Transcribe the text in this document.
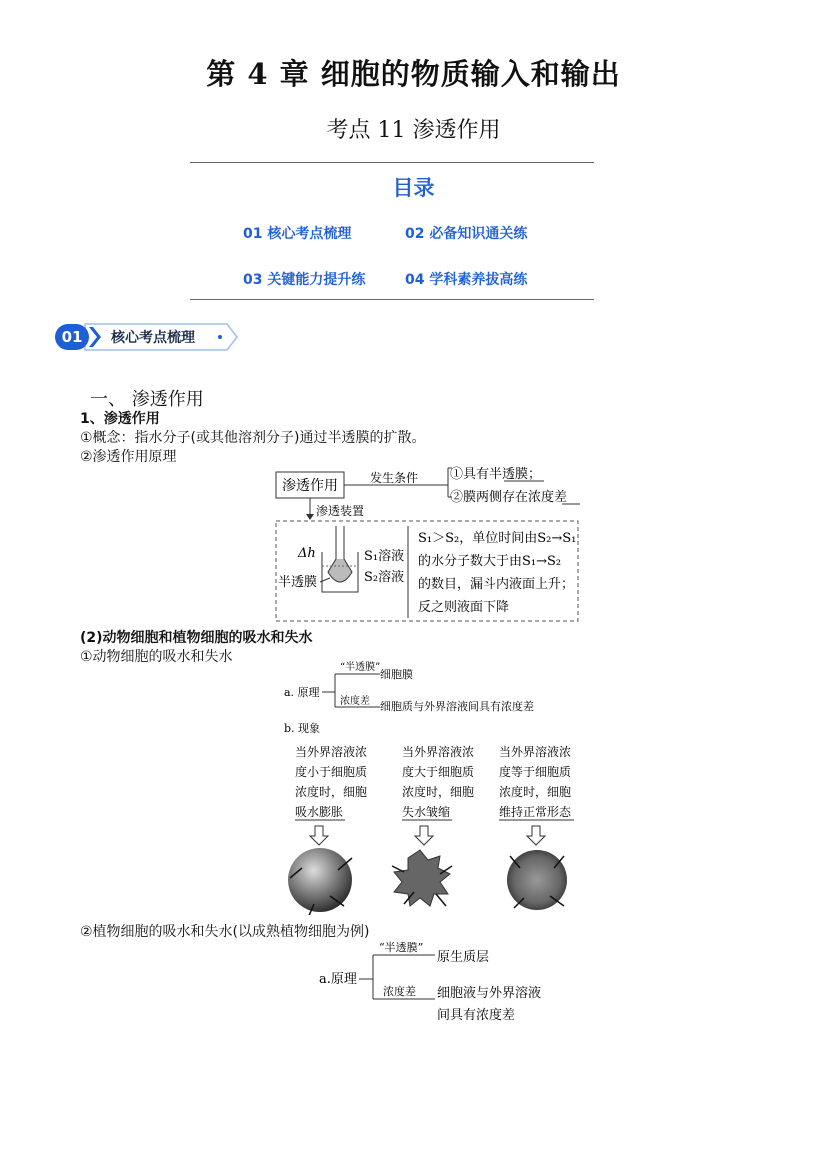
第 4 章 细胞的物质输入和输出
考点 11 渗透作用
目录
01 核心考点梳理	02 必备知识通关练
03 关键能力提升练	04 学科素养拔高练
01 核心考点梳理
一、 渗透作用
1、渗透作用
①概念：指水分子(或其他溶剂分子)通过半透膜的扩散。
②渗透作用原理
渗透作用	发生条件 ①具有半透膜；
②膜两侧存在浓度差
渗透装置
Δh	S₁溶液
S₂溶液
半透膜
S₁＞S₂，单位时间由S₂→S₁
的水分子数大于由S₁→S₂
的数目，漏斗内液面上升；
反之则液面下降
(2)动物细胞和植物细胞的吸水和失水
①动物细胞的吸水和失水
a. 原理
“半透膜”
细胞膜
浓度差 细胞质与外界溶液间具有浓度差
b. 现象
当外界溶液浓
度小于细胞质
浓度时，细胞
吸水膨胀
当外界溶液浓
度大于细胞质
浓度时，细胞
失水皱缩
当外界溶液浓
度等于细胞质
浓度时，细胞
维持正常形态
②植物细胞的吸水和失水(以成熟植物细胞为例)
a.原理
“半透膜”
原生质层
浓度差 细胞液与外界溶液
间具有浓度差
